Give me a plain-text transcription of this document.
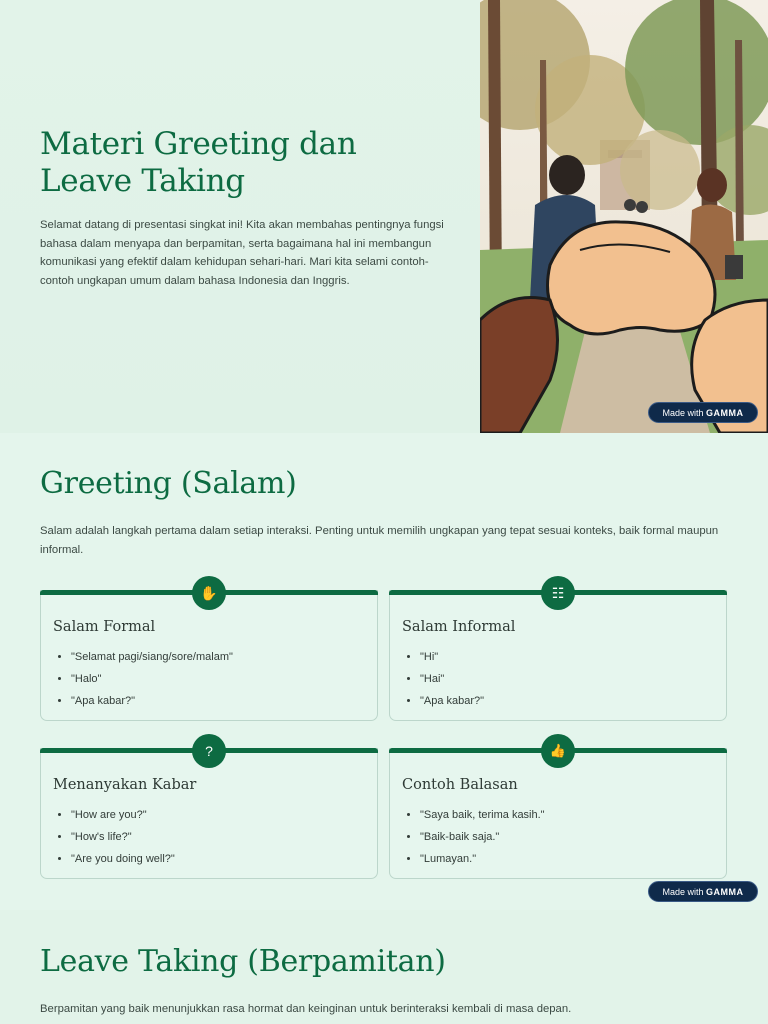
Materi Greeting dan Leave Taking

Selamat datang di presentasi singkat ini! Kita akan membahas pentingnya fungsi bahasa dalam menyapa dan berpamitan, serta bagaimana hal ini membangun komunikasi yang efektif dalam kehidupan sehari-hari. Mari kita selami contoh-contoh ungkapan umum dalam bahasa Indonesia dan Inggris.

Made with GAMMA
Greeting (Salam)

Salam adalah langkah pertama dalam setiap interaksi. Penting untuk memilih ungkapan yang tepat sesuai konteks, baik formal maupun informal.

✋
Salam Formal
• "Selamat pagi/siang/sore/malam"
• "Halo"
• "Apa kabar?"
☷
Salam Informal
• "Hi"
• "Hai"
• "Apa kabar?"
?
Menanyakan Kabar
• "How are you?"
• "How's life?"
• "Are you doing well?"
👍
Contoh Balasan
• "Saya baik, terima kasih."
• "Baik-baik saja."
• "Lumayan."
Made with GAMMA
Leave Taking (Berpamitan)

Berpamitan yang baik menunjukkan rasa hormat dan keinginan untuk berinteraksi kembali di masa depan.
